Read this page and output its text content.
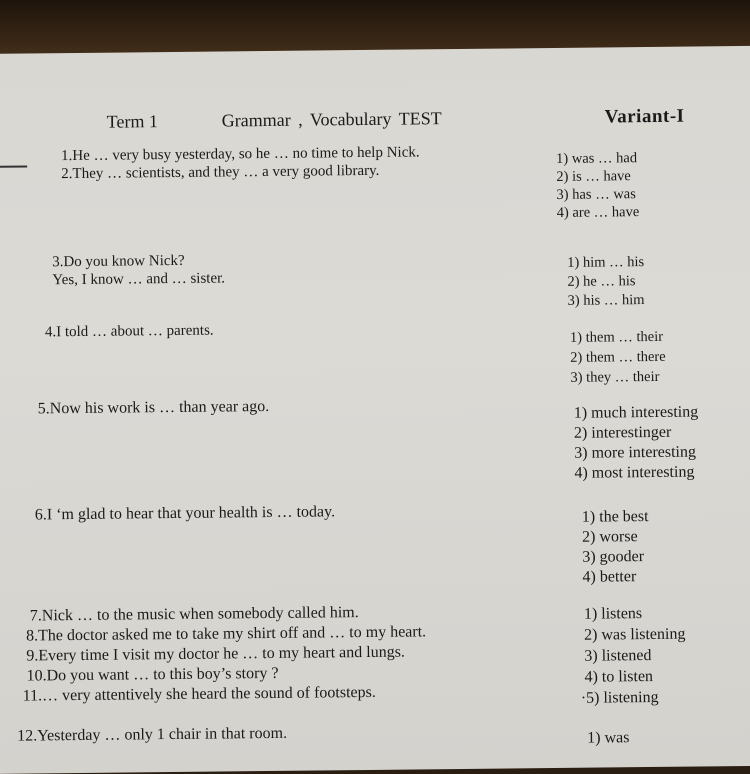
Term 1	Grammar , Vocabulary TEST	Variant-I
1.He … very busy yesterday, so he … no time to help Nick.
2.They … scientists, and they … a very good library.
1) was … had
2) is … have
3) has … was
4) are … have
3.Do you know Nick?
Yes, I know … and … sister.
1) him … his
2) he … his
3) his … him
4.I told … about … parents.	1) them … their
2) them … there
3) they … their
5.Now his work is … than year ago.	1) much interesting
2) interestinger
3) more interesting
4) most interesting
6.I ‘m glad to hear that your health is … today.	1) the best
2) worse
3) gooder
4) better
7.Nick … to the music when somebody called him.
8.The doctor asked me to take my shirt off and … to my heart.
9.Every time I visit my doctor he … to my heart and lungs.
10.Do you want … to this boy’s story ?
11.… very attentively she heard the sound of footsteps.
1) listens
2) was listening
3) listened
4) to listen
·5) listening
12.Yesterday … only 1 chair in that room.	1) was
